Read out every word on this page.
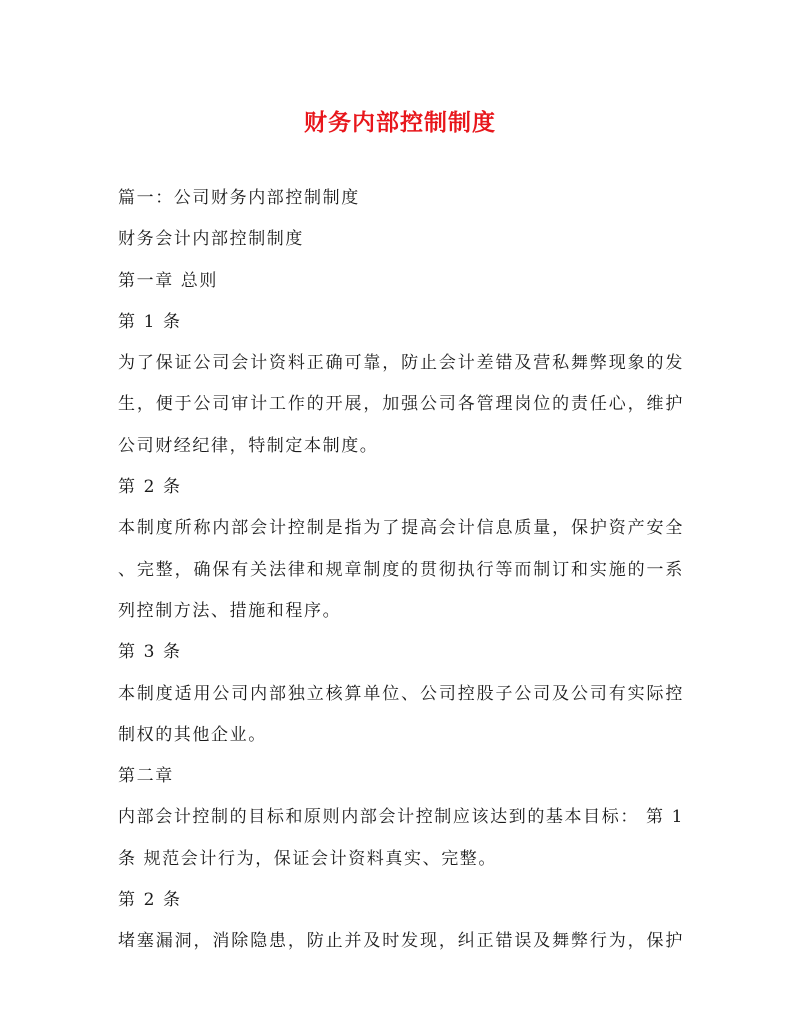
财务内部控制制度

篇一：公司财务内部控制制度

财务会计内部控制制度

第一章 总则

第 1 条

为了保证公司会计资料正确可靠，防止会计差错及营私舞弊现象的发

生，便于公司审计工作的开展，加强公司各管理岗位的责任心，维护

公司财经纪律，特制定本制度。

第 2 条

本制度所称内部会计控制是指为了提高会计信息质量，保护资产安全

、完整，确保有关法律和规章制度的贯彻执行等而制订和实施的一系

列控制方法、措施和程序。

第 3 条

本制度适用公司内部独立核算单位、公司控股子公司及公司有实际控

制权的其他企业。

第二章

内部会计控制的目标和原则内部会计控制应该达到的基本目标： 第 1

条 规范会计行为，保证会计资料真实、完整。

第 2 条

堵塞漏洞，消除隐患，防止并及时发现，纠正错误及舞弊行为，保护
